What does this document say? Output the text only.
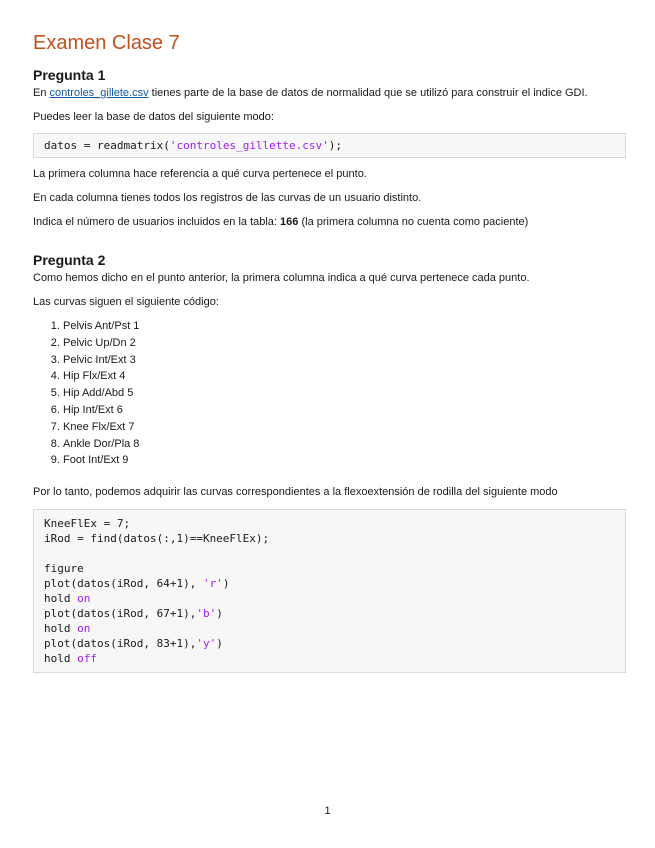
Examen Clase 7
Pregunta 1

En controles_gillete.csv tienes parte de la base de datos de normalidad que se utilizó para construir el indice GDI.

Puedes leer la base de datos del siguiente modo:

datos = readmatrix('controles_gillette.csv');

La primera columna hace referencia a qué curva pertenece el punto.

En cada columna tienes todos los registros de las curvas de un usuario distinto.

Indica el número de usuarios incluidos en la tabla: 166 (la primera columna no cuenta como paciente)

Pregunta 2

Como hemos dicho en el punto anterior, la primera columna indica a qué curva pertenece cada punto.

Las curvas siguen el siguiente código:

1. Pelvis Ant/Pst 1
2. Pelvic Up/Dn 2
3. Pelvic Int/Ext 3
4. Hip Flx/Ext 4
5. Hip Add/Abd 5
6. Hip Int/Ext 6
7. Knee Flx/Ext 7
8. Ankle Dor/Pla 8
9. Foot Int/Ext 9

Por lo tanto, podemos adquirir las curvas correspondientes a la flexoextensión de rodilla del siguiente modo

KneeFlEx = 7;
iRod = find(datos(:,1)==KneeFlEx);

figure
plot(datos(iRod, 64+1), 'r')
hold on
plot(datos(iRod, 67+1),'b')
hold on
plot(datos(iRod, 83+1),'y')
hold off
1
